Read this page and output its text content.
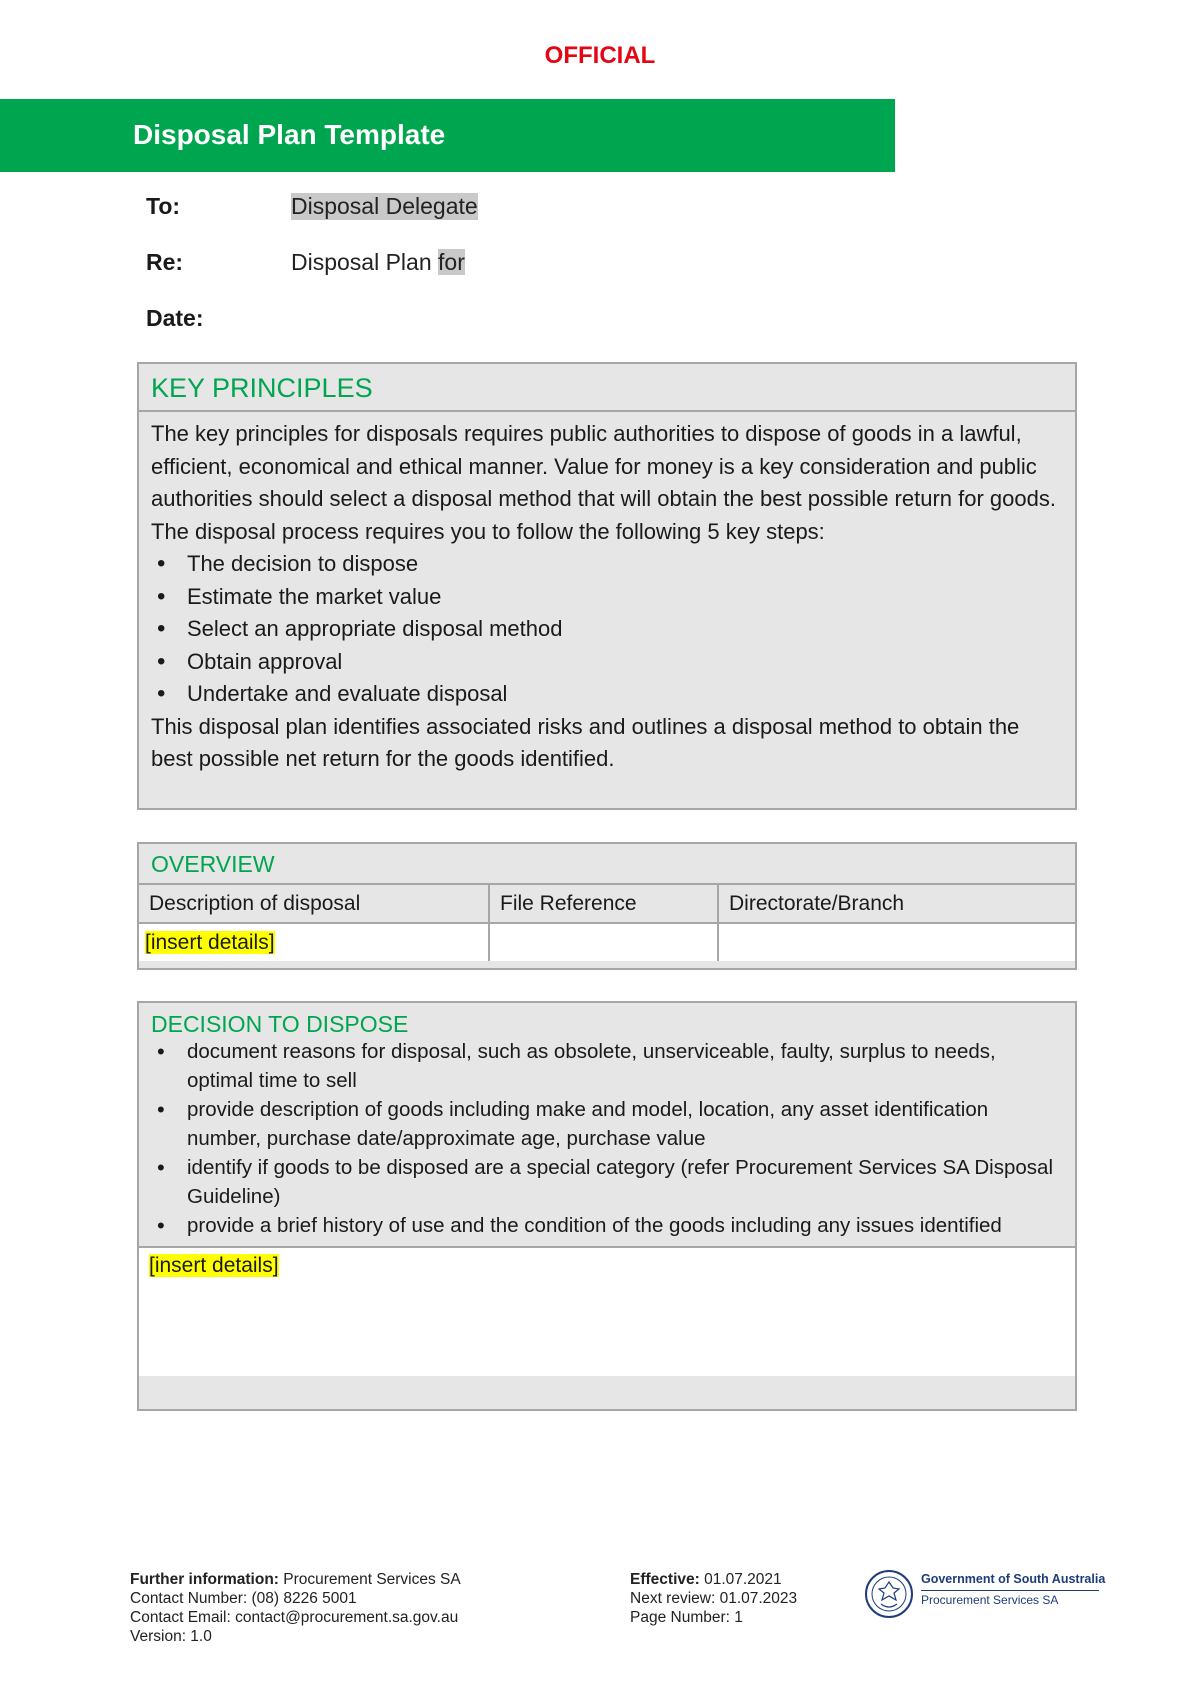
OFFICIAL
Disposal Plan Template
To:	Disposal Delegate
Re:	Disposal Plan for
Date:
KEY PRINCIPLES
The key principles for disposals requires public authorities to dispose of goods in a lawful, efficient, economical and ethical manner. Value for money is a key consideration and public authorities should select a disposal method that will obtain the best possible return for goods.
The disposal process requires you to follow the following 5 key steps:
• The decision to dispose
• Estimate the market value
• Select an appropriate disposal method
• Obtain approval
• Undertake and evaluate disposal
This disposal plan identifies associated risks and outlines a disposal method to obtain the best possible net return for the goods identified.
OVERVIEW
Description of disposal	File Reference	Directorate/Branch
[insert details]		
DECISION TO DISPOSE
• document reasons for disposal, such as obsolete, unserviceable, faulty, surplus to needs, optimal time to sell
• provide description of goods including make and model, location, any asset identification number, purchase date/approximate age, purchase value
• identify if goods to be disposed are a special category (refer Procurement Services SA Disposal Guideline)
• provide a brief history of use and the condition of the goods including any issues identified
[insert details]
Further information: Procurement Services SA
Contact Number: (08) 8226 5001
Contact Email: contact@procurement.sa.gov.au
Version: 1.0
Effective: 01.07.2021
Next review: 01.07.2023
Page Number: 1
Government of South Australia
Procurement Services SA
